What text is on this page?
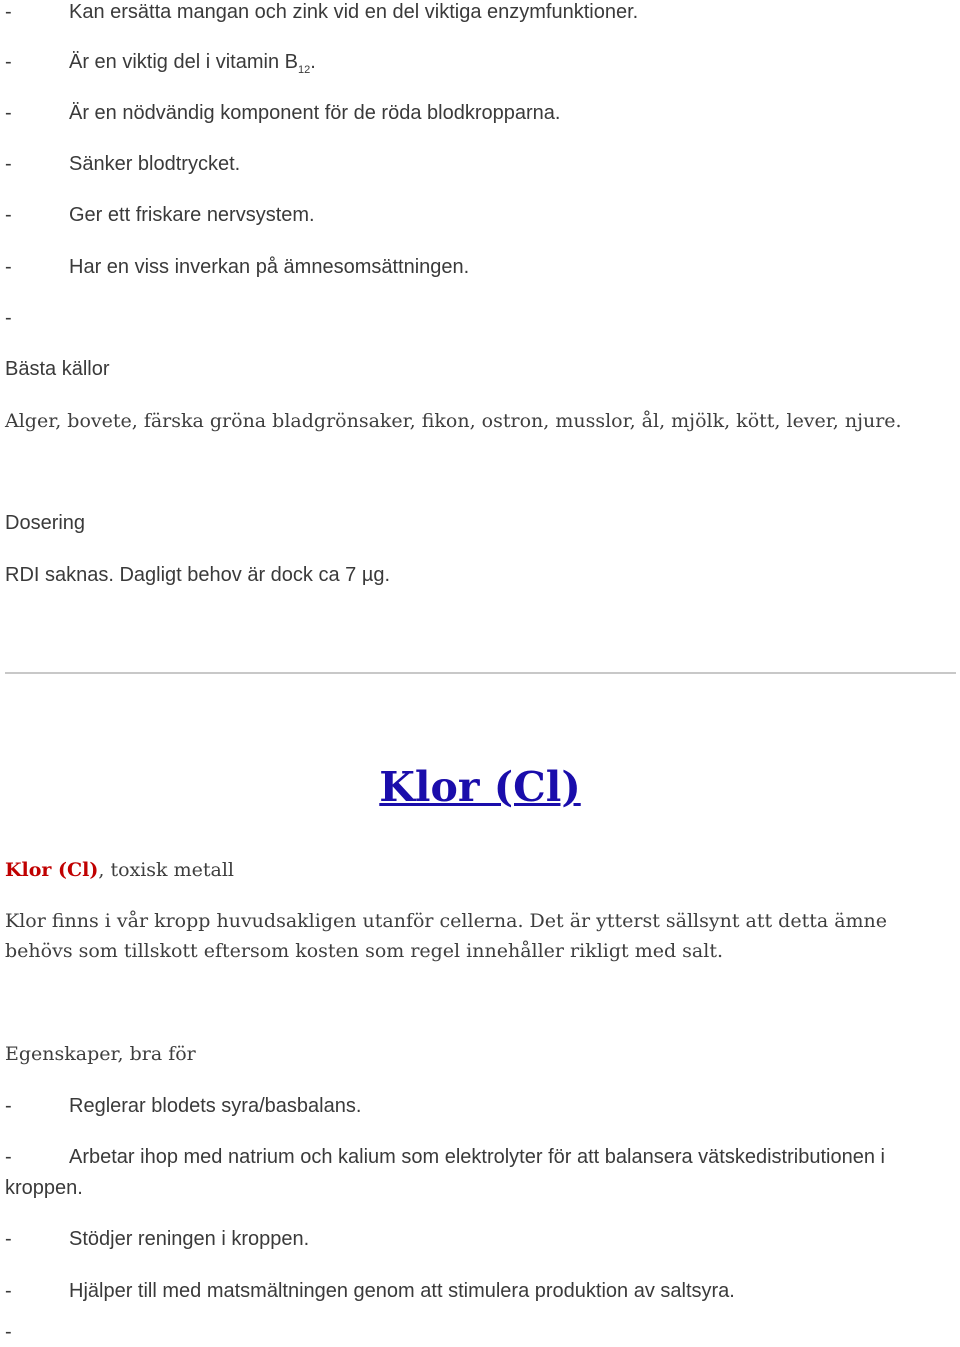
-	Kan ersätta mangan och zink vid en del viktiga enzymfunktioner.
-	Är en viktig del i vitamin $B_{12}$.
-	Är en nödvändig komponent för de röda blodkropparna.
-	Sänker blodtrycket.
-	Ger ett friskare nervsystem.
-	Har en viss inverkan på ämnesomsättningen.
-
Bästa källor
Alger, bovete, färska gröna bladgrönsaker, fikon, ostron, musslor, ål, mjölk, kött, lever, njure.
Dosering
RDI saknas. Dagligt behov är dock ca 7 µg.
Klor (Cl)
Klor (Cl), toxisk metall
Klor finns i vår kropp huvudsakligen utanför cellerna. Det är ytterst sällsynt att detta ämne behövs som tillskott eftersom kosten som regel innehåller rikligt med salt.
Egenskaper, bra för
-	Reglerar blodets syra/basbalans.
-	Arbetar ihop med natrium och kalium som elektrolyter för att balansera vätskedistributionen i
kroppen.
-	Stödjer reningen i kroppen.
-	Hjälper till med matsmältningen genom att stimulera produktion av saltsyra.
-
